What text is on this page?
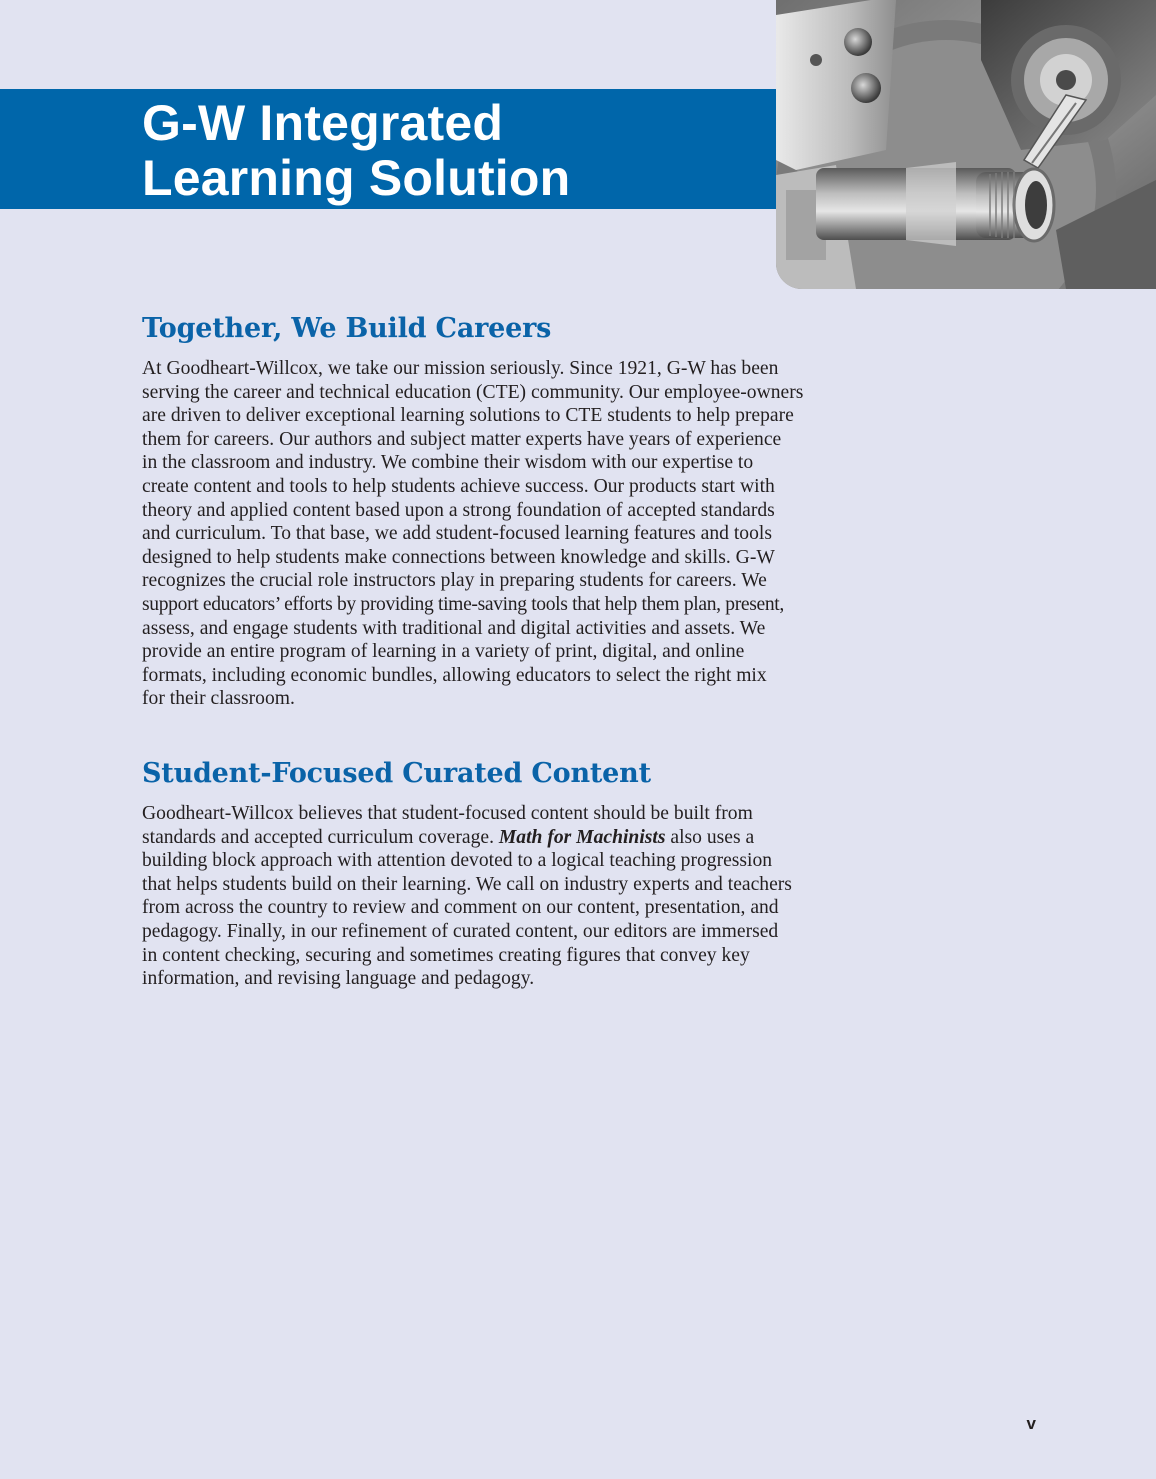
G-W Integrated
Learning Solution
Together, We Build Careers

At Goodheart-Willcox, we take our mission seriously. Since 1921, G-W has been
serving the career and technical education (CTE) community. Our employee-owners
are driven to deliver exceptional learning solutions to CTE students to help prepare
them for careers. Our authors and subject matter experts have years of experience
in the classroom and industry. We combine their wisdom with our expertise to
create content and tools to help students achieve success. Our products start with
theory and applied content based upon a strong foundation of accepted standards
and curriculum. To that base, we add student-focused learning features and tools
designed to help students make connections between knowledge and skills. G-W
recognizes the crucial role instructors play in preparing students for careers. We
support educators’ efforts by providing time-saving tools that help them plan, present,
assess, and engage students with traditional and digital activities and assets. We
provide an entire program of learning in a variety of print, digital, and online
formats, including economic bundles, allowing educators to select the right mix
for their classroom.

Student-Focused Curated Content

Goodheart-Willcox believes that student-focused content should be built from
standards and accepted curriculum coverage. Math for Machinists also uses a
building block approach with attention devoted to a logical teaching progression
that helps students build on their learning. We call on industry experts and teachers
from across the country to review and comment on our content, presentation, and
pedagogy. Finally, in our refinement of curated content, our editors are immersed
in content checking, securing and sometimes creating figures that convey key
information, and revising language and pedagogy.

v
